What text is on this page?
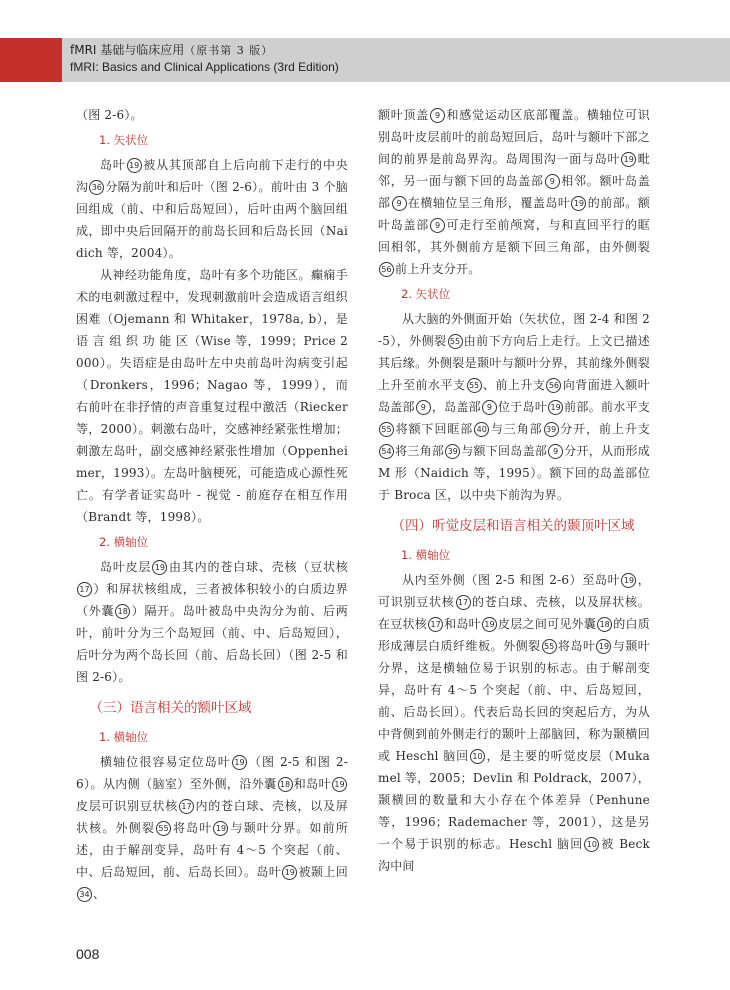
fMRI 基础与临床应用（原书第 3 版）
fMRI: Basics and Clinical Applications (3rd Edition)

（图 2-6）。

1. 矢状位

岛叶 19 被从其顶部自上后向前下走行的中央沟 36 分隔为前叶和后叶（图 2-6）。前叶由 3 个脑回组成（前、中和后岛短回），后叶由两个脑回组成，即中央后回隔开的前岛长回和后岛长回（Naidich 等，2004）。

从神经功能角度，岛叶有多个功能区。癫痫手术的电刺激过程中，发现刺激前叶会造成语言组织困难（Ojemann 和 Whitaker，1978a, b），是 语 言 组 织 功 能 区（Wise 等，1999；Price 2000）。失语症是由岛叶左中央前岛叶沟病变引起（Dronkers，1996；Nagao 等，1999），而 右前叶在非抒情的声音重复过程中激活（Riecker 等，2000）。刺激右岛叶，交感神经紧张性增加；刺激左岛叶，副交感神经紧张性增加（Oppenheimer，1993）。左岛叶脑梗死，可能造成心源性死亡。有学者证实岛叶 - 视觉 - 前庭存在相互作用（Brandt 等，1998）。

2. 横轴位

岛叶皮层 19 由其内的苍白球、壳核（豆状核17 ）和屏状核组成，三者被体积较小的白质边界（外囊 18 ）隔开。岛叶被岛中央沟分为前、后两叶，前叶分为三个岛短回（前、中、后岛短回），后叶分为两个岛长回（前、后岛长回）（图 2-5 和图 2-6）。

（三）语言相关的额叶区域
1. 横轴位

横轴位很容易定位岛叶 19 （图 2-5 和图 2-6）。从内侧（脑室）至外侧，沿外囊 18 和岛叶 19皮层可识别豆状核 17 内的苍白球、壳核，以及屏状核。外侧裂 55 将岛叶 19 与颞叶分界。如前所述，由于解剖变异，岛叶有 4～5 个突起（前、中、后岛短回，前、后岛长回）。岛叶 19 被颞上回34 、

额叶顶盖 9 和感觉运动区底部覆盖。横轴位可识别岛叶皮层前叶的前岛短回后，岛叶与额叶下部之间的前界是前岛界沟。岛周围沟一面与岛叶 19 毗邻，另一面与额下回的岛盖部 9 相邻。额叶岛盖部 9 在横轴位呈三角形，覆盖岛叶 19 的前部。额叶岛盖部 9 可走行至前颅窝，与和直回平行的眶回相邻，其外侧前方是额下回三角部，由外侧裂56 前上升支分开。

2. 矢状位

从大脑的外侧面开始（矢状位，图 2-4 和图 2-5），外侧裂 55 由前下方向后上走行。上文已描述其后缘。外侧裂是颞叶与额叶分界，其前缘外侧裂上升至前水平支 55 、前上升支 56 向背面进入额叶岛盖部 9 ，岛盖部 9 位于岛叶 19 前部。前水平支55 将额下回眶部 40 与三角部 39 分开，前上升支54 将三角部 39 与额下回岛盖部 9 分开，从而形成 M 形（Naidich 等，1995）。额下回的岛盖部位于 Broca 区，以中央下前沟为界。

（四）听觉皮层和语言相关的颞顶叶区域
1. 横轴位

从内至外侧（图 2-5 和图 2-6）至岛叶 19 ，可识别豆状核 17 的苍白球、壳核，以及屏状核。在豆状核 17 和岛叶 19 皮层之间可见外囊 18 的白质形成薄层白质纤维板。外侧裂 55 将岛叶 19 与颞叶分界，这是横轴位易于识别的标志。由于解剖变异，岛叶有 4～5 个突起（前、中、后岛短回，前、后岛长回）。代表后岛长回的突起后方，为从中背侧到前外侧走行的颞叶上部脑回，称为颞横回或 Heschl 脑回 10 ，是主要的听觉皮层（Mukamel 等，2005；Devlin 和 Poldrack，2007），颞横回的数量和大小存在个体差异（Penhune 等，1996；Rademacher 等，2001），这是另一个易于识别的标志。Heschl 脑回 10 被 Beck 沟中间

008
